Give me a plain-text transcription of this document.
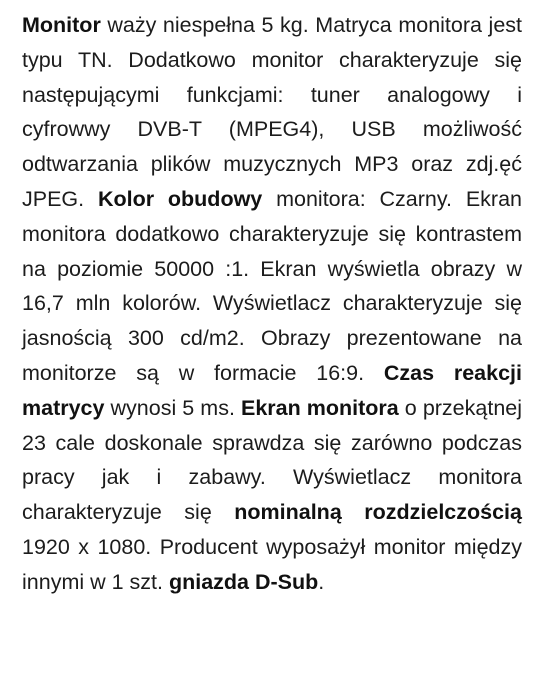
Monitor waży niespełna 5 kg. Matryca monitora jest typu TN. Dodatkowo monitor charakteryzuje się następującymi funkcjami: tuner analogowy i cyfrowwy DVB-T (MPEG4), USB możliwość odtwarzania plików muzycznych MP3 oraz zdj.ęć JPEG. Kolor obudowy monitora: Czarny. Ekran monitora dodatkowo charakteryzuje się kontrastem na poziomie 50000 :1. Ekran wyświetla obrazy w 16,7 mln kolorów. Wyświetlacz charakteryzuje się jasnością 300 cd/m2. Obrazy prezentowane na monitorze są w formacie 16:9. Czas reakcji matrycy wynosi 5 ms. Ekran monitora o przekątnej 23 cale doskonale sprawdza się zarówno podczas pracy jak i zabawy. Wyświetlacz monitora charakteryzuje się nominalną rozdzielczością 1920 x 1080. Producent wyposażył monitor między innymi w 1 szt. gniazda D-Sub.
